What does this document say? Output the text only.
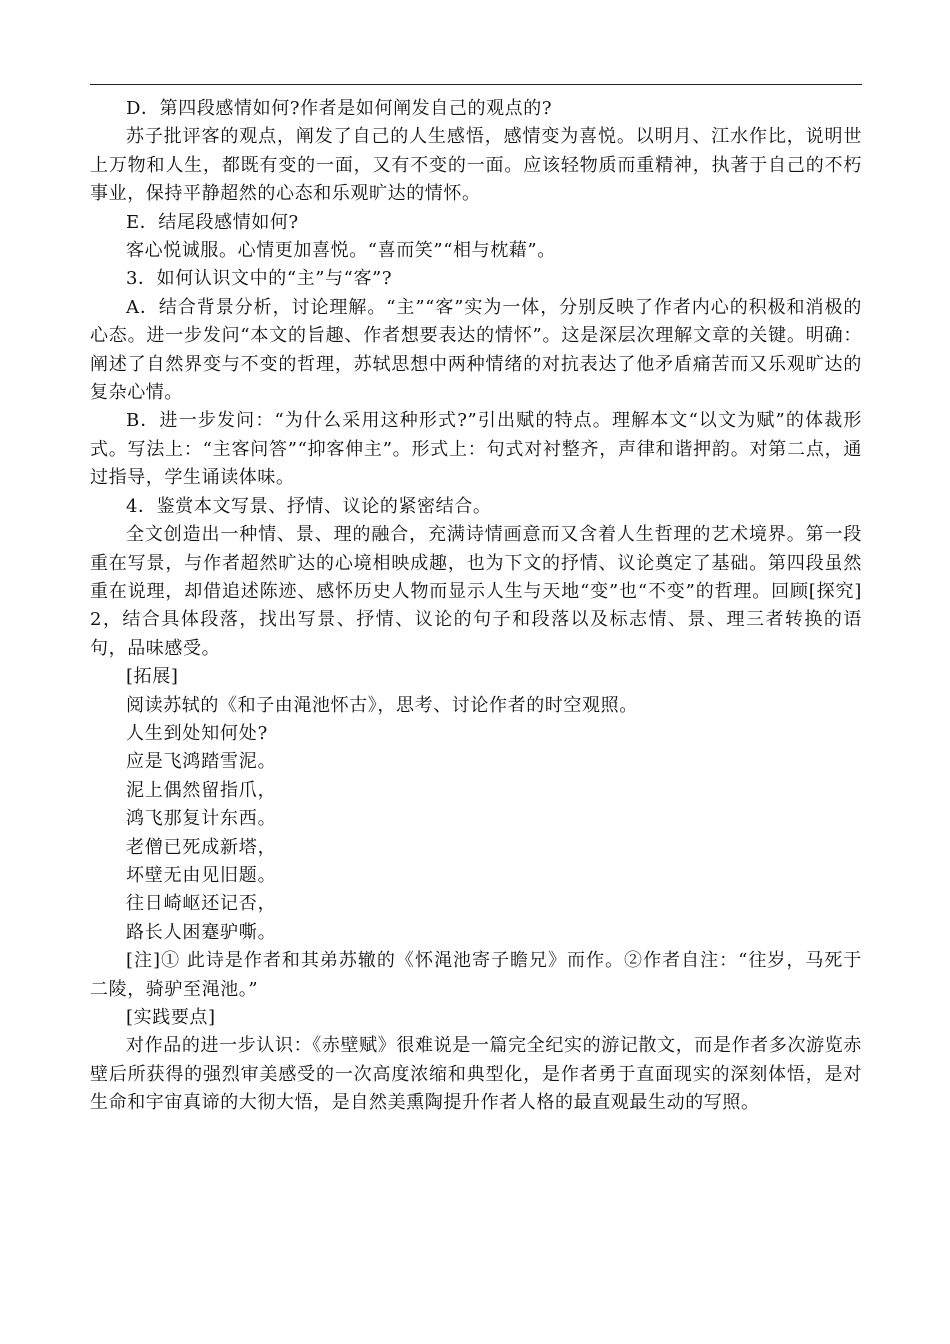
D．第四段感情如何?作者是如何阐发自己的观点的?

苏子批评客的观点，阐发了自己的人生感悟，感情变为喜悦。以明月、江水作比，说明世上万物和人生，都既有变的一面，又有不变的一面。应该轻物质而重精神，执著于自己的不朽事业，保持平静超然的心态和乐观旷达的情怀。

E．结尾段感情如何?

客心悦诚服。心情更加喜悦。“喜而笑”“相与枕藉”。

3．如何认识文中的“主”与“客”?

A．结合背景分析，讨论理解。“主”“客”实为一体，分别反映了作者内心的积极和消极的心态。进一步发问“本文的旨趣、作者想要表达的情怀”。这是深层次理解文章的关键。明确：阐述了自然界变与不变的哲理，苏轼思想中两种情绪的对抗表达了他矛盾痛苦而又乐观旷达的复杂心情。

B．进一步发问：“为什么采用这种形式?”引出赋的特点。理解本文“以文为赋”的体裁形式。写法上：“主客问答”“抑客伸主”。形式上：句式对衬整齐，声律和谐押韵。对第二点，通过指导，学生诵读体味。

4．鉴赏本文写景、抒情、议论的紧密结合。

全文创造出一种情、景、理的融合，充满诗情画意而又含着人生哲理的艺术境界。第一段重在写景，与作者超然旷达的心境相映成趣，也为下文的抒情、议论奠定了基础。第四段虽然重在说理，却借追述陈迹、感怀历史人物而显示人生与天地“变”也“不变”的哲理。回顾[探究]2，结合具体段落，找出写景、抒情、议论的句子和段落以及标志情、景、理三者转换的语句，品味感受。

[拓展]

阅读苏轼的《和子由渑池怀古》，思考、讨论作者的时空观照。

人生到处知何处?

应是飞鸿踏雪泥。

泥上偶然留指爪，

鸿飞那复计东西。

老僧已死成新塔，

坏壁无由见旧题。

往日崎岖还记否，

路长人困蹇驴嘶。

[注]① 此诗是作者和其弟苏辙的《怀渑池寄子瞻兄》而作。②作者自注：“往岁，马死于二陵，骑驴至渑池。”

[实践要点]

对作品的进一步认识：《赤壁赋》很难说是一篇完全纪实的游记散文，而是作者多次游览赤壁后所获得的强烈审美感受的一次高度浓缩和典型化，是作者勇于直面现实的深刻体悟，是对生命和宇宙真谛的大彻大悟，是自然美熏陶提升作者人格的最直观最生动的写照。
